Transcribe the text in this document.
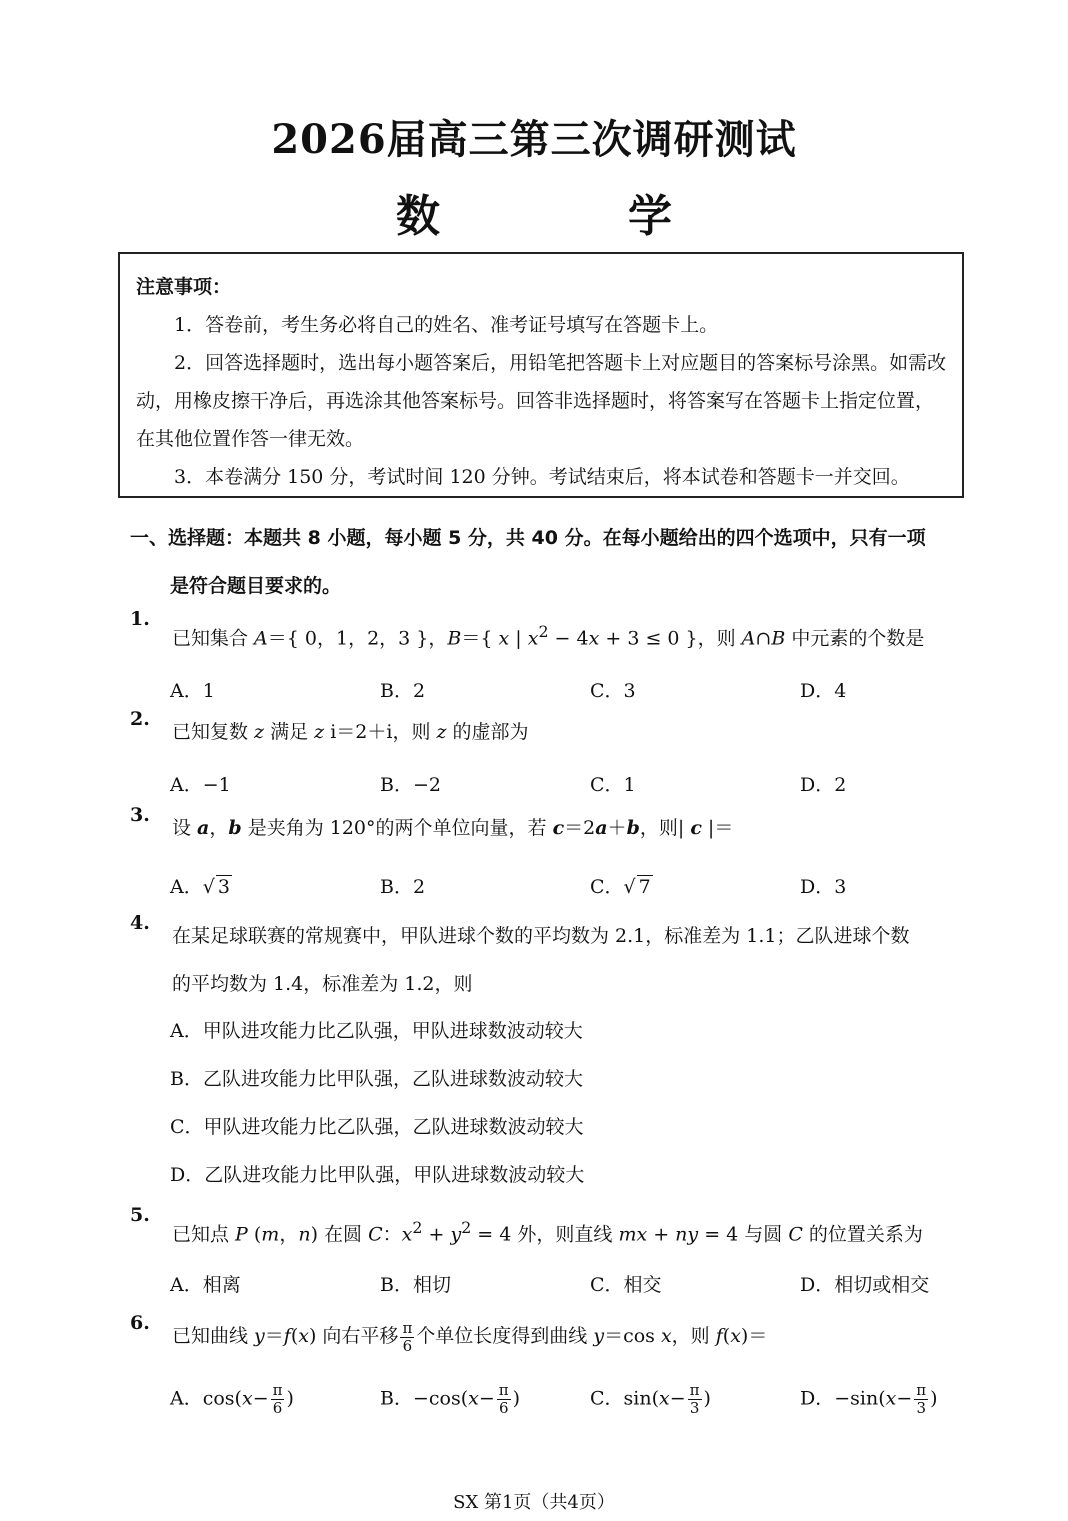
2026届高三第三次调研测试
数　学
注意事项：

1．答卷前，考生务必将自己的姓名、准考证号填写在答题卡上。

2．回答选择题时，选出每小题答案后，用铅笔把答题卡上对应题目的答案标号涂黑。如需改动，用橡皮擦干净后，再选涂其他答案标号。回答非选择题时，将答案写在答题卡上指定位置，在其他位置作答一律无效。

3．本卷满分 150 分，考试时间 120 分钟。考试结束后，将本试卷和答题卡一并交回。

一、选择题：本题共 8 小题，每小题 5 分，共 40 分。在每小题给出的四个选项中，只有一项
是符合题目要求的。
1.
已知集合 A＝{ 0，1，2，3 }，B＝{ x | $x^2 - 4x + 3 \le 0$ }，则 A∩B 中元素的个数是
A．1	B．2	C．3	D．4
2.
已知复数 z 满足 z i＝2＋i，则 z 的虚部为
A．−1	B．−2	C．1	D．2
3.
设 a，b 是夹角为 120°的两个单位向量，若 c＝2a＋b，则| c |＝
A．√ 3	B．2	C．√ 7	D．3
4.
在某足球联赛的常规赛中，甲队进球个数的平均数为 2.1，标准差为 1.1；乙队进球个数
的平均数为 1.4，标准差为 1.2，则
A．甲队进攻能力比乙队强，甲队进球数波动较大
B．乙队进攻能力比甲队强，乙队进球数波动较大
C．甲队进攻能力比乙队强，乙队进球数波动较大
D．乙队进攻能力比甲队强，甲队进球数波动较大
5.
已知点 P (m，n) 在圆 C：$x^2 + y^2 = 4$ 外，则直线 mx + ny = 4 与圆 C 的位置关系为
A．相离	B．相切	C．相交	D．相切或相交
6.
已知曲线 y＝f(x) 向右平移 $\frac{\pi}{6}$ 个单位长度得到曲线 y＝cos x，则 f(x)＝
A．$\cos(x- \frac{\pi}{6}$ )	B．$-\cos(x- \frac{\pi}{6}$ )	C．$\sin(x- \frac{\pi}{3}$ )	D．$-\sin(x- \frac{\pi}{3}$ )
SX 第1页（共4页）
